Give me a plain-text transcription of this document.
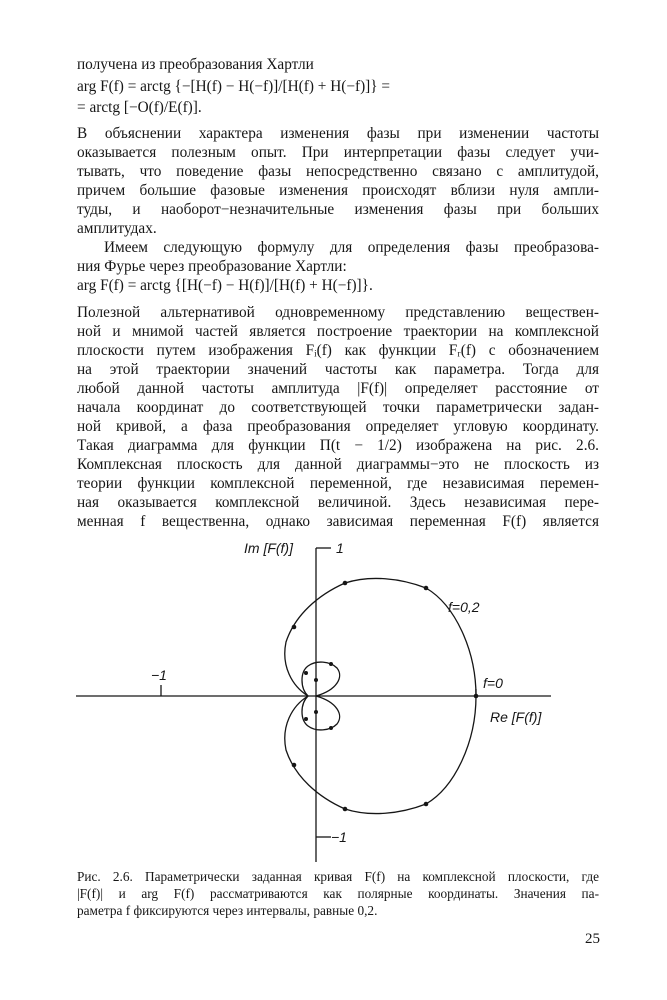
получена из преобразования Хартли
arg F(f) = arctg {−[H(f) − H(−f)]/[H(f) + H(−f)]} =
= arctg [−O(f)/E(f)].
В объяснении характера изменения фазы при изменении частоты
оказывается полезным опыт. При интерпретации фазы следует учи-
тывать, что поведение фазы непосредственно связано с амплитудой,
причем большие фазовые изменения происходят вблизи нуля ампли-
туды, и наоборот−незначительные изменения фазы при больших
амплитудах.
Имеем следующую формулу для определения фазы преобразова-
ния Фурье через преобразование Хартли:
arg F(f) = arctg {[H(−f) − H(f)]/[H(f) + H(−f)]}.
Полезной альтернативой одновременному представлению веществен-
ной и мнимой частей является построение траектории на комплексной
плоскости путем изображения Fᵢ(f) как функции Fᵣ(f) с обозначением
на этой траектории значений частоты как параметра. Тогда для
любой данной частоты амплитуда |F(f)| определяет расстояние от
начала координат до соответствующей точки параметрически задан-
ной кривой, а фаза преобразования определяет угловую координату.
Такая диаграмма для функции Π(t − 1/2) изображена на рис. 2.6.
Комплексная плоскость для данной диаграммы−это не плоскость из
теории функции комплексной переменной, где независимая перемен-
ная оказывается комплексной величиной. Здесь независимая пере-
менная f вещественна, однако зависимая переменная F(f) является
Im [F(f)]	1
−1
−1
f=0,2
f=0
Re [F(f)]
Рис. 2.6. Параметрически заданная кривая F(f) на комплексной плоскости, где
|F(f)| и arg F(f) рассматриваются как полярные координаты. Значения па-
раметра f фиксируются через интервалы, равные 0,2.
25
